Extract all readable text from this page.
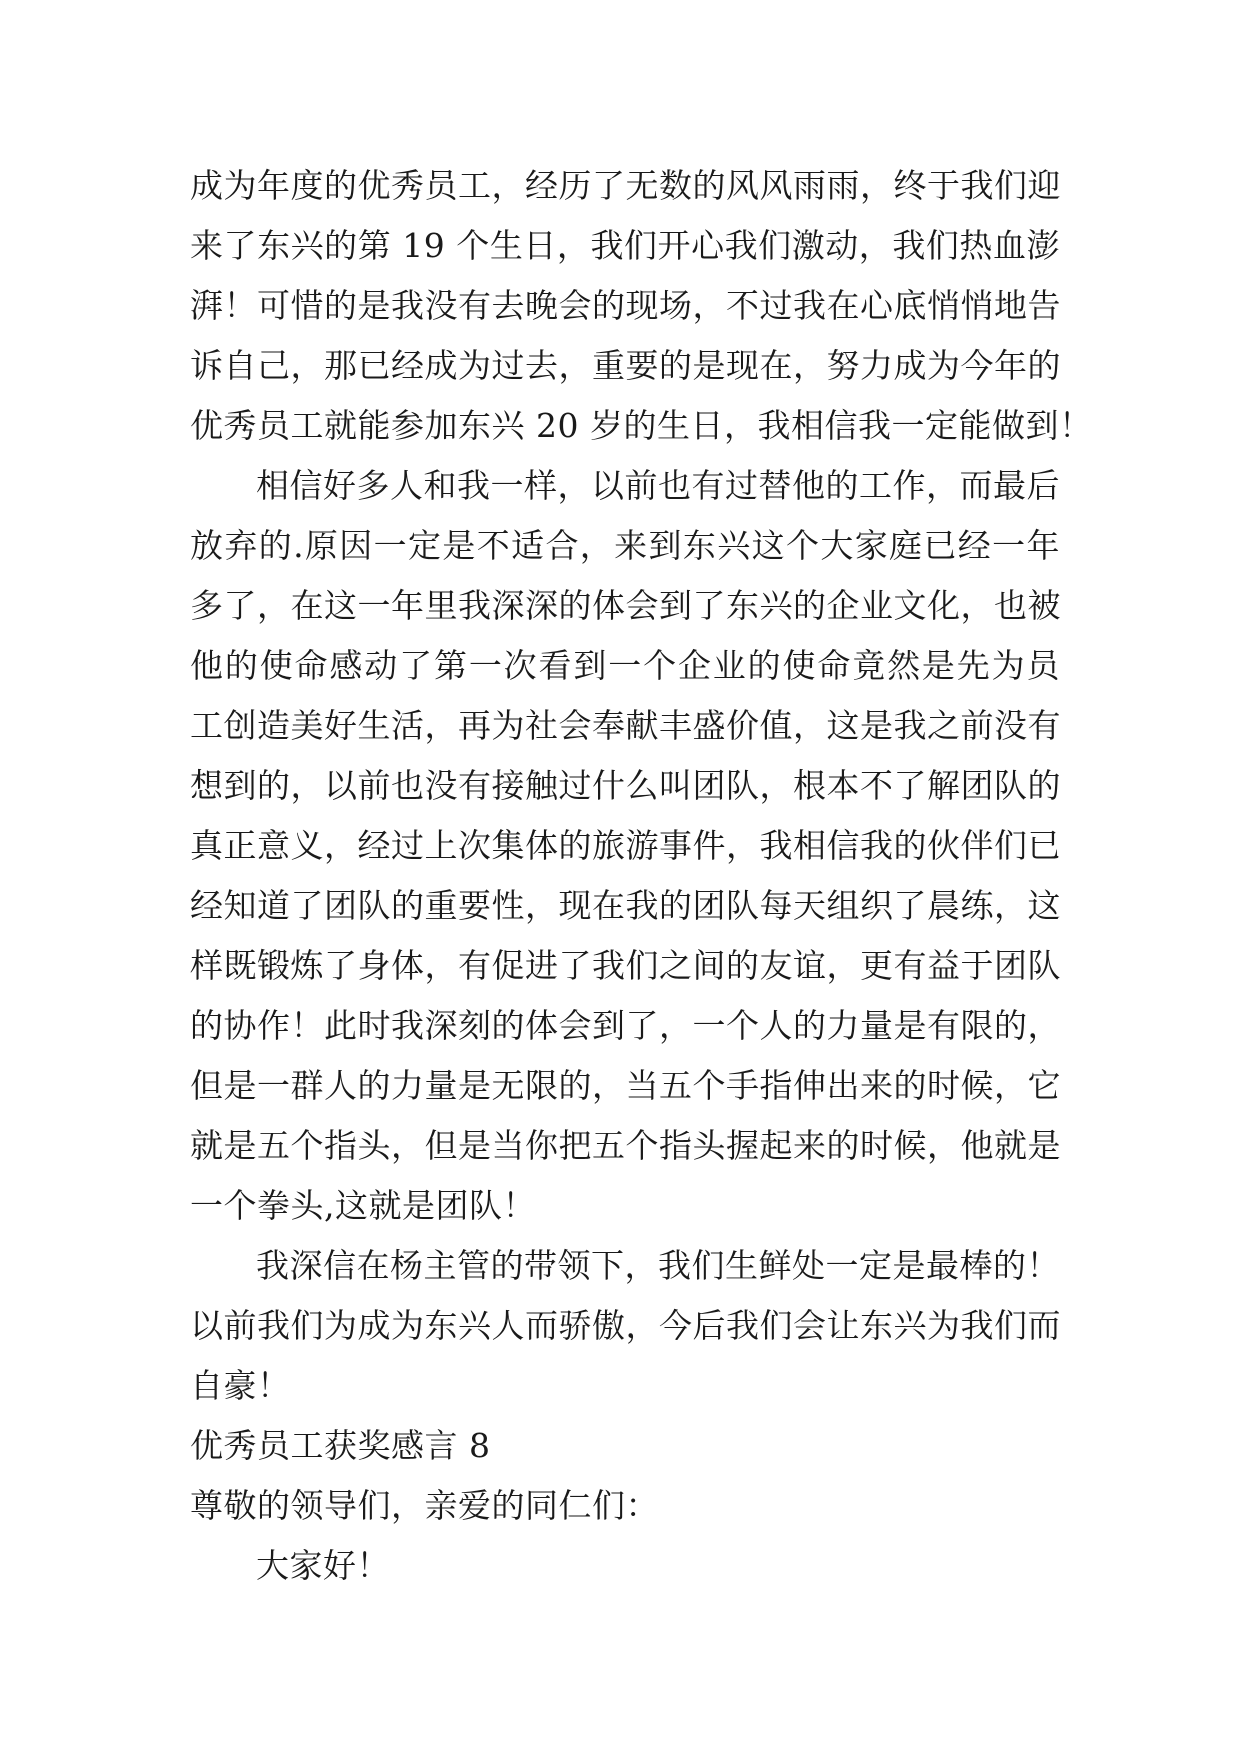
成为年度的优秀员工，经历了无数的风风雨雨，终于我们迎
来了东兴的第 19 个生日，我们开心我们激动，我们热血澎
湃！可惜的是我没有去晚会的现场，不过我在心底悄悄地告
诉自己，那已经成为过去，重要的是现在，努力成为今年的
优秀员工就能参加东兴 20 岁的生日，我相信我一定能做到！
相信好多人和我一样，以前也有过替他的工作，而最后
放弃的.原因一定是不适合，来到东兴这个大家庭已经一年
多了，在这一年里我深深的体会到了东兴的企业文化，也被
他的使命感动了第一次看到一个企业的使命竟然是先为员
工创造美好生活，再为社会奉献丰盛价值，这是我之前没有
想到的，以前也没有接触过什么叫团队，根本不了解团队的
真正意义，经过上次集体的旅游事件，我相信我的伙伴们已
经知道了团队的重要性，现在我的团队每天组织了晨练，这
样既锻炼了身体，有促进了我们之间的友谊，更有益于团队
的协作！此时我深刻的体会到了，一个人的力量是有限的，
但是一群人的力量是无限的，当五个手指伸出来的时候，它
就是五个指头，但是当你把五个指头握起来的时候，他就是
一个拳头,这就是团队！
我深信在杨主管的带领下，我们生鲜处一定是最棒的！
以前我们为成为东兴人而骄傲，今后我们会让东兴为我们而
自豪！
优秀员工获奖感言 8
尊敬的领导们，亲爱的同仁们：
大家好！
